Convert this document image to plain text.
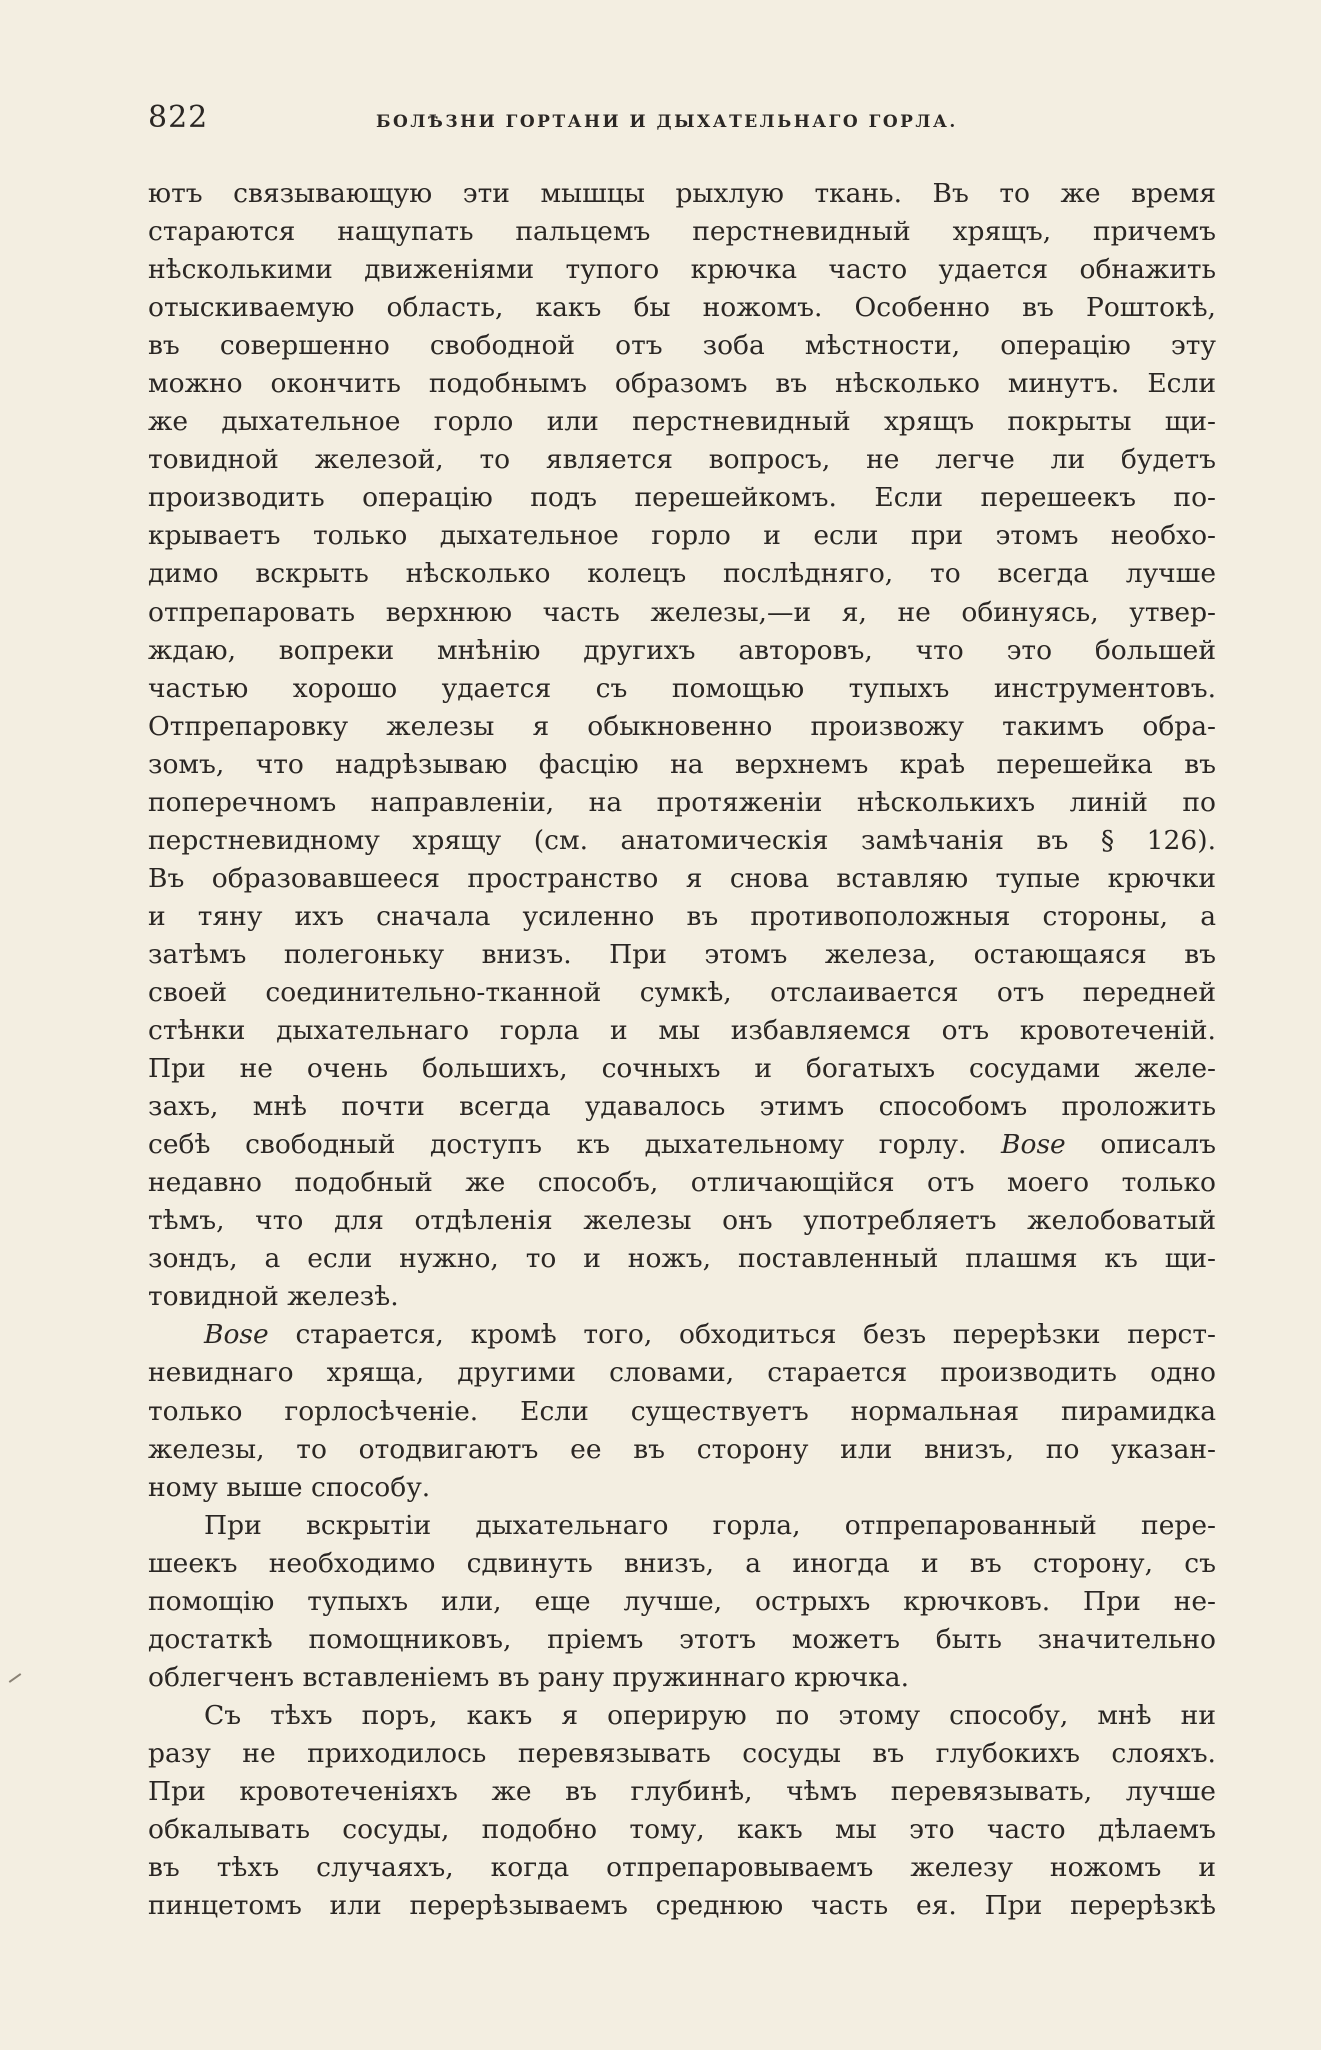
822	БОЛѢЗНИ ГОРТАНИ И ДЫХАТЕЛЬНАГО ГОРЛА.
ютъ связывающую эти мышцы рыхлую ткань. Въ то же время
стараются нащупать пальцемъ перстневидный хрящъ, причемъ
нѣсколькими движеніями тупого крючка часто удается обнажить
отыскиваемую область, какъ бы ножомъ. Особенно въ Роштокѣ,
въ совершенно свободной отъ зоба мѣстности, операцію эту
можно окончить подобнымъ образомъ въ нѣсколько минутъ. Если
же дыхательное горло или перстневидный хрящъ покрыты щи-
товидной железой, то является вопросъ, не легче ли будетъ
производить операцію подъ перешейкомъ. Если перешеекъ по-
крываетъ только дыхательное горло и если при этомъ необхо-
димо вскрыть нѣсколько колецъ послѣдняго, то всегда лучше
отпрепаровать верхнюю часть железы,—и я, не обинуясь, утвер-
ждаю, вопреки мнѣнію другихъ авторовъ, что это большей
частью хорошо удается съ помощью тупыхъ инструментовъ.
Отпрепаровку железы я обыкновенно произвожу такимъ обра-
зомъ, что надрѣзываю фасцію на верхнемъ краѣ перешейка въ
поперечномъ направленіи, на протяженіи нѣсколькихъ линій по
перстневидному хрящу (см. анатомическія замѣчанія въ § 126).
Въ образовавшееся пространство я снова вставляю тупые крючки
и тяну ихъ сначала усиленно въ противоположныя стороны, а
затѣмъ полегоньку внизъ. При этомъ железа, остающаяся въ
своей соединительно-тканной сумкѣ, отслаивается отъ передней
стѣнки дыхательнаго горла и мы избавляемся отъ кровотеченій.
При не очень большихъ, сочныхъ и богатыхъ сосудами желе-
захъ, мнѣ почти всегда удавалось этимъ способомъ проложить
себѣ свободный доступъ къ дыхательному горлу. Bose описалъ
недавно подобный же способъ, отличающійся отъ моего только
тѣмъ, что для отдѣленія железы онъ употребляетъ желобоватый
зондъ, а если нужно, то и ножъ, поставленный плашмя къ щи-
товидной железѣ.
Bose старается, кромѣ того, обходиться безъ перерѣзки перст-
невиднаго хряща, другими словами, старается производить одно
только горлосѣченіе. Если существуетъ нормальная пирамидка
железы, то отодвигаютъ ее въ сторону или внизъ, по указан-
ному выше способу.
При вскрытіи дыхательнаго горла, отпрепарованный пере-
шеекъ необходимо сдвинуть внизъ, а иногда и въ сторону, съ
помощію тупыхъ или, еще лучше, острыхъ крючковъ. При не-
достаткѣ помощниковъ, пріемъ этотъ можетъ быть значительно
облегченъ вставленіемъ въ рану пружиннаго крючка.
Съ тѣхъ поръ, какъ я оперирую по этому способу, мнѣ ни
разу не приходилось перевязывать сосуды въ глубокихъ слояхъ.
При кровотеченіяхъ же въ глубинѣ, чѣмъ перевязывать, лучше
обкалывать сосуды, подобно тому, какъ мы это часто дѣлаемъ
въ тѣхъ случаяхъ, когда отпрепаровываемъ железу ножомъ и
пинцетомъ или перерѣзываемъ среднюю часть ея. При перерѣзкѣ
